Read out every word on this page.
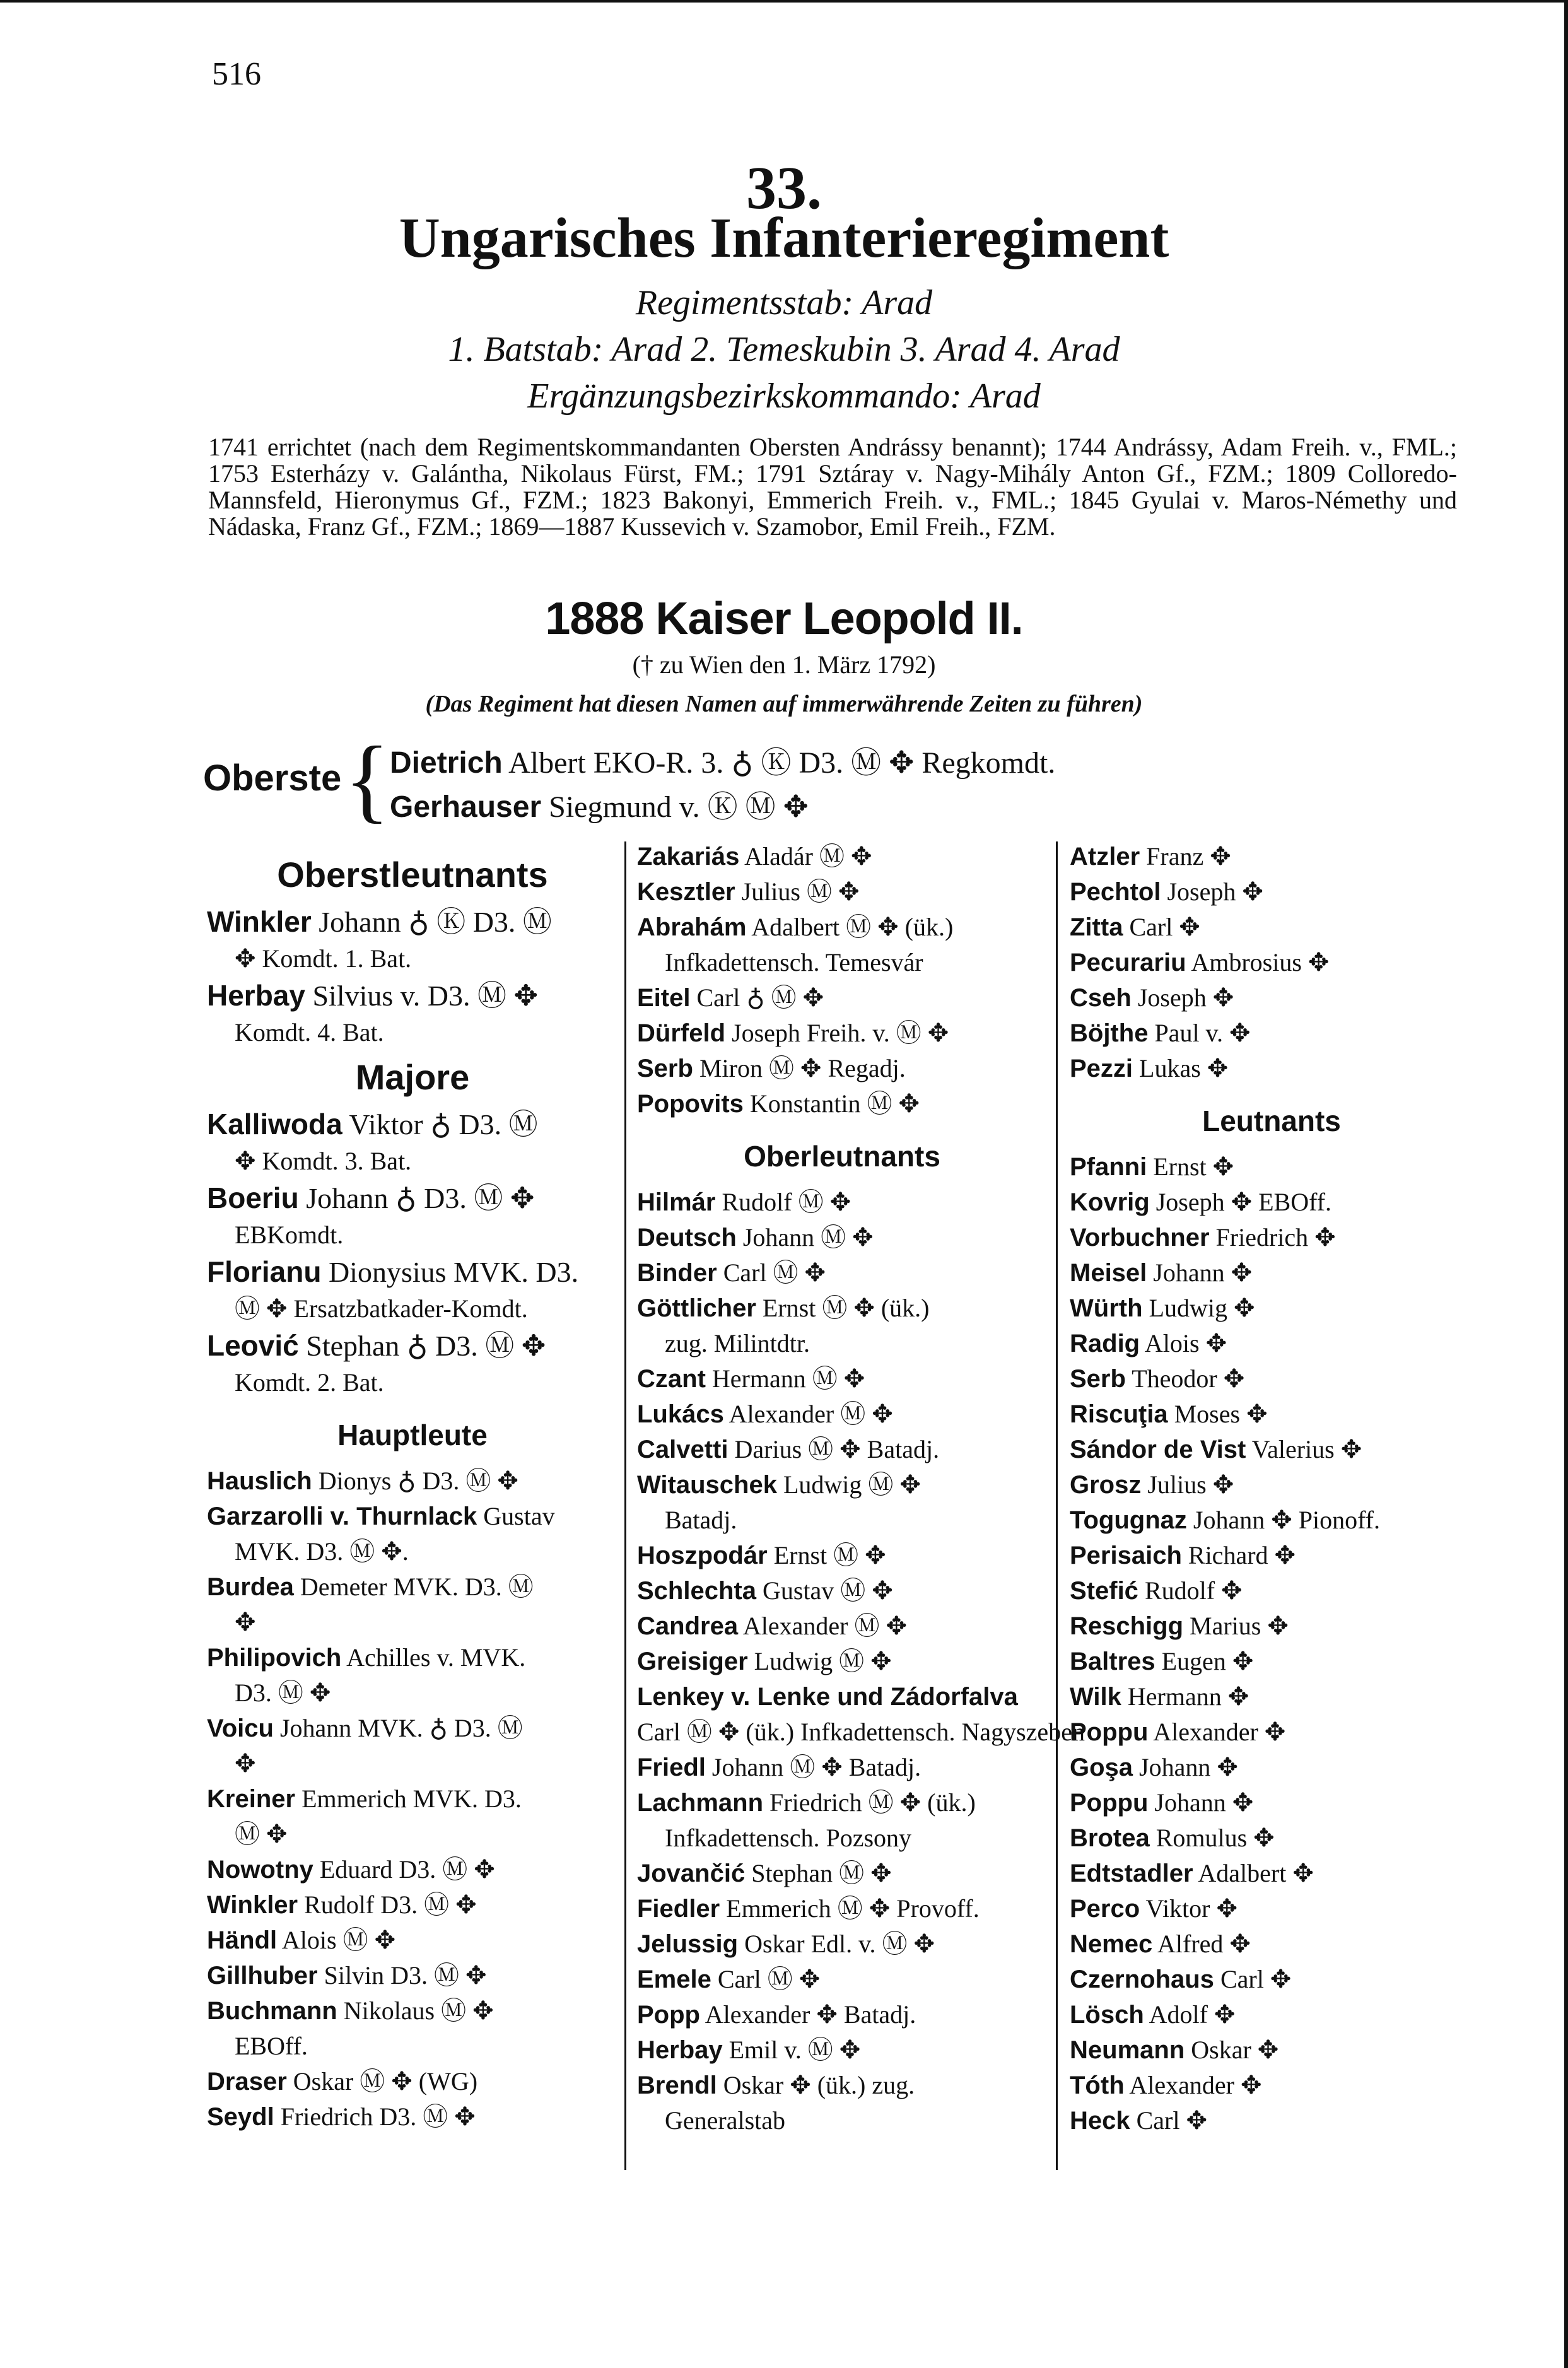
516
33.
Ungarisches Infanterieregiment
Regimentsstab: Arad
1. Batstab: Arad 2. Temeskubin 3. Arad 4. Arad
Ergänzungsbezirkskommando: Arad
1741 errichtet (nach dem Regimentskommandanten Obersten Andrássy benannt); 1744 Andrássy, Adam Freih. v., FML.; 1753 Esterházy v. Galántha, Nikolaus Fürst, FM.; 1791 Sztáray v. Nagy-Mihály Anton Gf., FZM.; 1809 Colloredo-Mannsfeld, Hieronymus Gf., FZM.; 1823 Bakonyi, Emmerich Freih. v., FML.; 1845 Gyulai v. Maros-Némethy und Nádaska, Franz Gf., FZM.; 1869—1887 Kussevich v. Szamobor, Emil Freih., FZM.
1888 Kaiser Leopold II.
(† zu Wien den 1. März 1792)
(Das Regiment hat diesen Namen auf immerwährende Zeiten zu führen)
Oberste { Dietrich Albert EKO-R. 3. ♁ Ⓚ D3. Ⓜ ✥ Regkomdt.
Gerhauser Siegmund v. Ⓚ Ⓜ ✥
Oberstleutnants
Winkler Johann ♁ Ⓚ D3. Ⓜ
✥ Komdt. 1. Bat.
Herbay Silvius v. D3. Ⓜ ✥
Komdt. 4. Bat.
Majore
Kalliwoda Viktor ♁ D3. Ⓜ
✥ Komdt. 3. Bat.
Boeriu Johann ♁ D3. Ⓜ ✥
EBKomdt.
Florianu Dionysius MVK. D3.
Ⓜ ✥ Ersatzbatkader-Komdt.
Leović Stephan ♁ D3. Ⓜ ✥
Komdt. 2. Bat.
Hauptleute
Hauslich Dionys ♁ D3. Ⓜ ✥
Garzarolli v. Thurnlack Gustav
MVK. D3. Ⓜ ✥.
Burdea Demeter MVK. D3. Ⓜ
✥
Philipovich Achilles v. MVK.
D3. Ⓜ ✥
Voicu Johann MVK. ♁ D3. Ⓜ
✥
Kreiner Emmerich MVK. D3.
Ⓜ ✥
Nowotny Eduard D3. Ⓜ ✥
Winkler Rudolf D3. Ⓜ ✥
Händl Alois Ⓜ ✥
Gillhuber Silvin D3. Ⓜ ✥
Buchmann Nikolaus Ⓜ ✥
EBOff.
Draser Oskar Ⓜ ✥ (WG)
Seydl Friedrich D3. Ⓜ ✥
Zakariás Aladár Ⓜ ✥
Kesztler Julius Ⓜ ✥
Abrahám Adalbert Ⓜ ✥ (ük.)
Infkadettensch. Temesvár
Eitel Carl ♁ Ⓜ ✥
Dürfeld Joseph Freih. v. Ⓜ ✥
Serb Miron Ⓜ ✥ Regadj.
Popovits Konstantin Ⓜ ✥
Oberleutnants
Hilmár Rudolf Ⓜ ✥
Deutsch Johann Ⓜ ✥
Binder Carl Ⓜ ✥
Göttlicher Ernst Ⓜ ✥ (ük.)
zug. Milintdtr.
Czant Hermann Ⓜ ✥
Lukács Alexander Ⓜ ✥
Calvetti Darius Ⓜ ✥ Batadj.
Witauschek Ludwig Ⓜ ✥
Batadj.
Hoszpodár Ernst Ⓜ ✥
Schlechta Gustav Ⓜ ✥
Candrea Alexander Ⓜ ✥
Greisiger Ludwig Ⓜ ✥
Lenkey v. Lenke und Zádorfalva
Carl Ⓜ ✥ (ük.) Infkadettensch. Nagyszeben
Friedl Johann Ⓜ ✥ Batadj.
Lachmann Friedrich Ⓜ ✥ (ük.)
Infkadettensch. Pozsony
Jovančić Stephan Ⓜ ✥
Fiedler Emmerich Ⓜ ✥ Provoff.
Jelussig Oskar Edl. v. Ⓜ ✥
Emele Carl Ⓜ ✥
Popp Alexander ✥ Batadj.
Herbay Emil v. Ⓜ ✥
Brendl Oskar ✥ (ük.) zug.
Generalstab
Atzler Franz ✥
Pechtol Joseph ✥
Zitta Carl ✥
Pecurariu Ambrosius ✥
Cseh Joseph ✥
Böjthe Paul v. ✥
Pezzi Lukas ✥
Leutnants
Pfanni Ernst ✥
Kovrig Joseph ✥ EBOff.
Vorbuchner Friedrich ✥
Meisel Johann ✥
Würth Ludwig ✥
Radig Alois ✥
Serb Theodor ✥
Riscuţia Moses ✥
Sándor de Vist Valerius ✥
Grosz Julius ✥
Togugnaz Johann ✥ Pionoff.
Perisaich Richard ✥
Stefić Rudolf ✥
Reschigg Marius ✥
Baltres Eugen ✥
Wilk Hermann ✥
Poppu Alexander ✥
Goşa Johann ✥
Poppu Johann ✥
Brotea Romulus ✥
Edtstadler Adalbert ✥
Perco Viktor ✥
Nemec Alfred ✥
Czernohaus Carl ✥
Lösch Adolf ✥
Neumann Oskar ✥
Tóth Alexander ✥
Heck Carl ✥
